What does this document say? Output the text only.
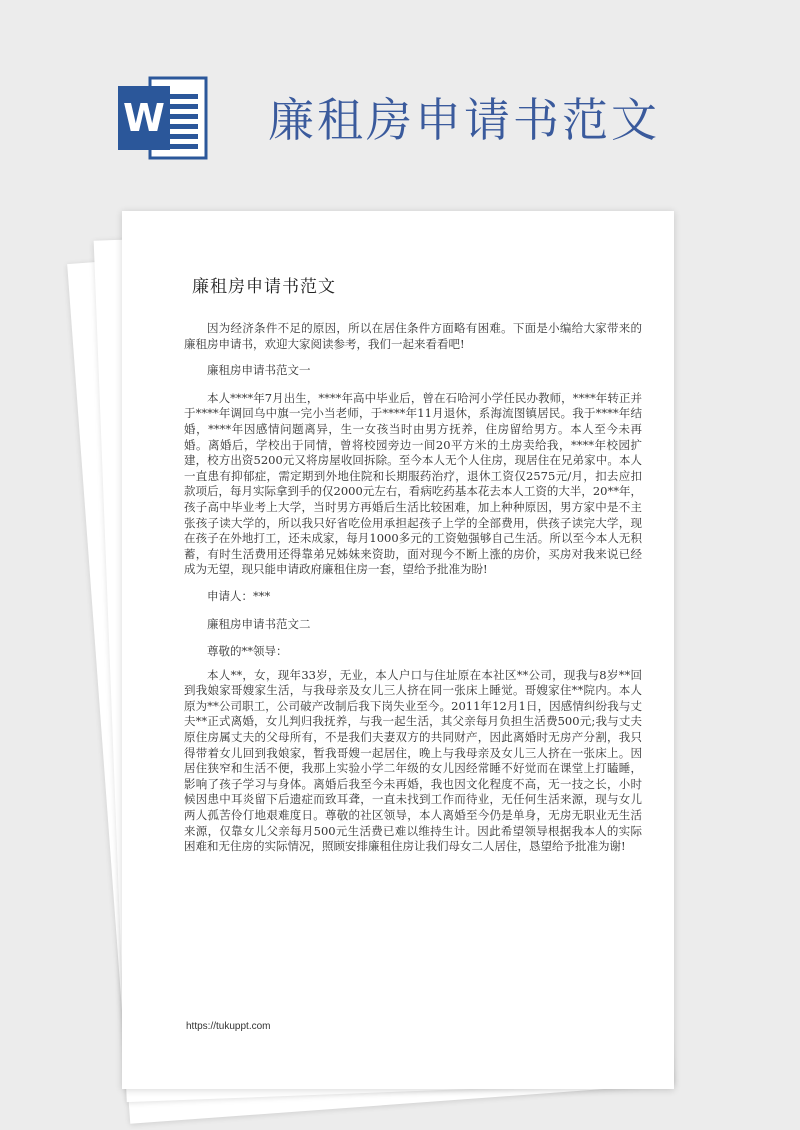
W 廉租房申请书范文
廉租房申请书范文

因为经济条件不足的原因，所以在居住条件方面略有困难。下面是小编给大家带来的廉租房申请书，欢迎大家阅读参考，我们一起来看看吧!

廉租房申请书范文一

本人****年7月出生，****年高中毕业后，曾在石哈河小学任民办教师，****年转正并于****年调回乌中旗一完小当老师，于****年11月退休，系海流图镇居民。我于****年结婚，****年因感情问题离异，生一女孩当时由男方抚养，住房留给男方。本人至今未再婚。离婚后，学校出于同情，曾将校园旁边一间20平方米的土房卖给我，****年校园扩建，校方出资5200元又将房屋收回拆除。至今本人无个人住房，现居住在兄弟家中。本人一直患有抑郁症，需定期到外地住院和长期服药治疗，退休工资仅2575元/月，扣去应扣款项后，每月实际拿到手的仅2000元左右，看病吃药基本花去本人工资的大半，20**年，孩子高中毕业考上大学，当时男方再婚后生活比较困难，加上种种原因，男方家中是不主张孩子读大学的，所以我只好省吃俭用承担起孩子上学的全部费用，供孩子读完大学，现在孩子在外地打工，还未成家，每月1000多元的工资勉强够自己生活。所以至今本人无积蓄，有时生活费用还得靠弟兄姊妹来资助，面对现今不断上涨的房价，买房对我来说已经成为无望，现只能申请政府廉租住房一套，望给予批准为盼!

申请人：***

廉租房申请书范文二

尊敬的**领导：

本人**，女，现年33岁，无业，本人户口与住址原在本社区**公司，现我与8岁**回到我娘家哥嫂家生活，与我母亲及女儿三人挤在同一张床上睡觉。哥嫂家住**院内。本人原为**公司职工，公司破产改制后我下岗失业至今。2011年12月1日，因感情纠纷我与丈夫**正式离婚，女儿判归我抚养，与我一起生活，其父亲每月负担生活费500元;我与丈夫原住房属丈夫的父母所有，不是我们夫妻双方的共同财产，因此离婚时无房产分割，我只得带着女儿回到我娘家，暂我哥嫂一起居住，晚上与我母亲及女儿三人挤在一张床上。因居住狭窄和生活不便，我那上实验小学二年级的女儿因经常睡不好觉而在课堂上打瞌睡，影响了孩子学习与身体。离婚后我至今未再婚，我也因文化程度不高，无一技之长，小时候因患中耳炎留下后遗症而致耳聋，一直未找到工作而待业，无任何生活来源，现与女儿两人孤苦伶仃地艰难度日。尊敬的社区领导，本人离婚至今仍是单身，无房无职业无生活来源，仅靠女儿父亲每月500元生活费已难以维持生计。因此希望领导根据我本人的实际困难和无住房的实际情况，照顾安排廉租住房让我们母女二人居住，恳望给予批准为谢!

https://tukuppt.com
